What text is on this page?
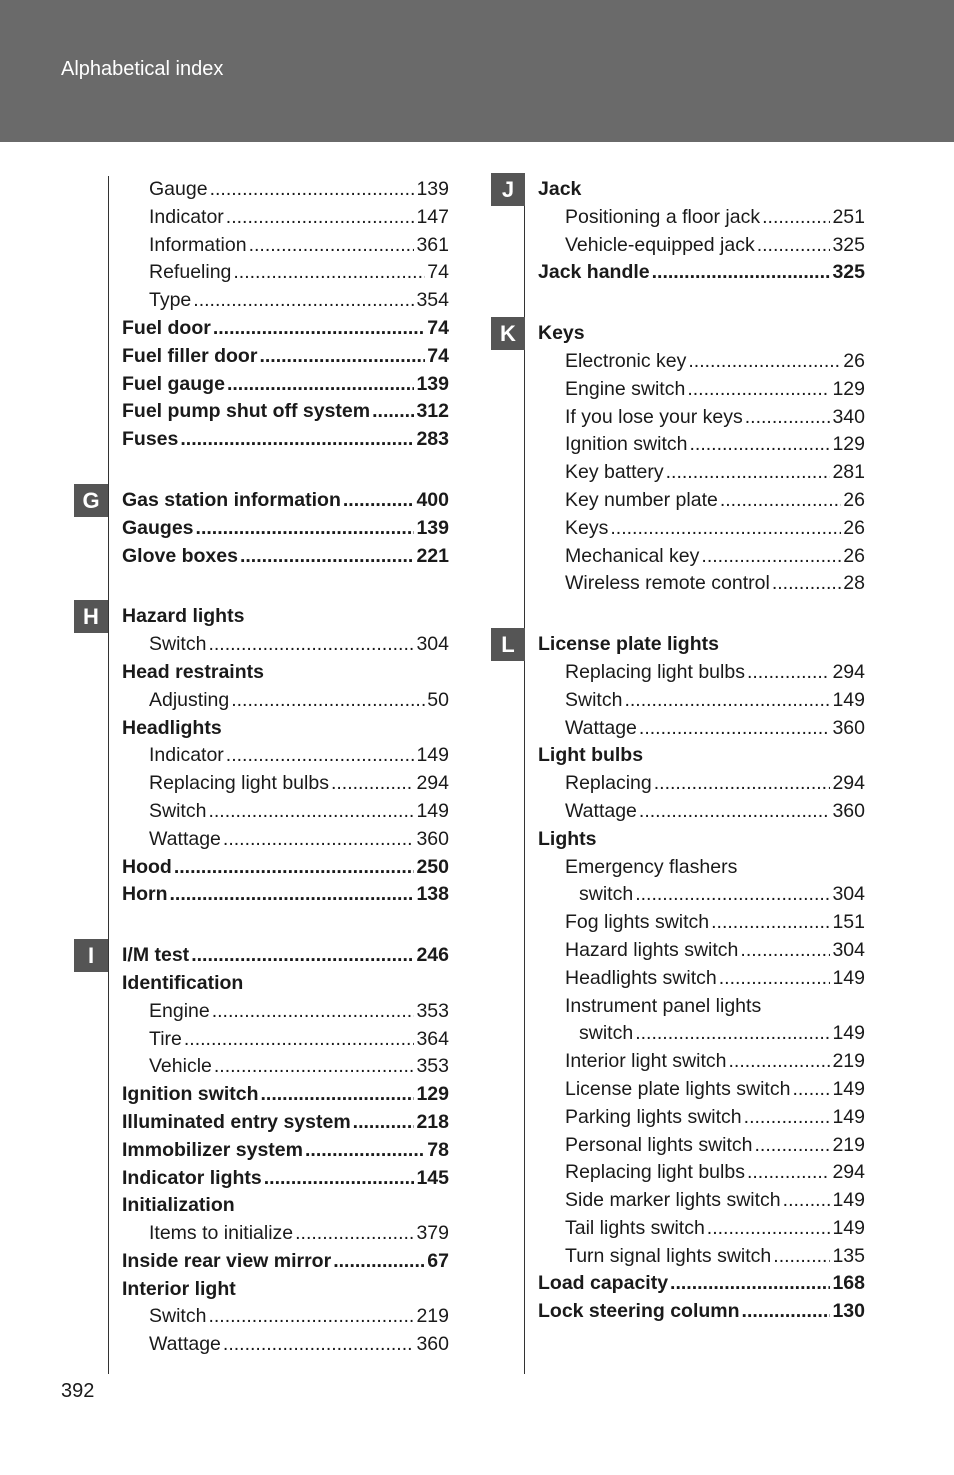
Alphabetical index
Gauge .....	139
Indicator .....	147
Information .....	361
Refueling .....	74
Type .....	354
Fuel door .....	74
Fuel filler door .....	74
Fuel gauge .....	139
Fuel pump shut off system ..... 312
Fuses .....	283
Gas station information .....	400
Gauges .....	139
Glove boxes .....	221
Hazard lights
Switch .....	304
Head restraints
Adjusting .....	50
Headlights
Indicator .....	149
Replacing light bulbs .....	294
Switch .....	149
Wattage .....	360
Hood .....	250
Horn .....	138
I/M test .....	246
Identification
Engine .....	353
Tire .....	364
Vehicle .....	353
Ignition switch .....	129
Illuminated entry system .....	218
Immobilizer system .....	78
Indicator lights .....	145
Initialization
Items to initialize .....	379
Inside rear view mirror .....	67
Interior light
Switch .....	219
Wattage .....	360
Jack
Positioning a floor jack .....	251
Vehicle-equipped jack .....	325
Jack handle .....	325
Keys
Electronic key .....	26
Engine switch .....	129
If you lose your keys .....	340
Ignition switch .....	129
Key battery .....	281
Key number plate .....	26
Keys .....	26
Mechanical key .....	26
Wireless remote control .....	28
License plate lights
Replacing light bulbs .....	294
Switch .....	149
Wattage .....	360
Light bulbs
Replacing .....	294
Wattage .....	360
Lights
Emergency flashers
switch .....	304
Fog lights switch .....	151
Hazard lights switch .....	304
Headlights switch .....	149
Instrument panel lights
switch .....	149
Interior light switch .....	219
License plate lights switch ..... 149
Parking lights switch .....	149
Personal lights switch .....	219
Replacing light bulbs .....	294
Side marker lights switch .....	149
Tail lights switch .....	149
Turn signal lights switch .....	135
Load capacity .....	168
Lock steering column .....	130
392
G
H
I
J
K
L
